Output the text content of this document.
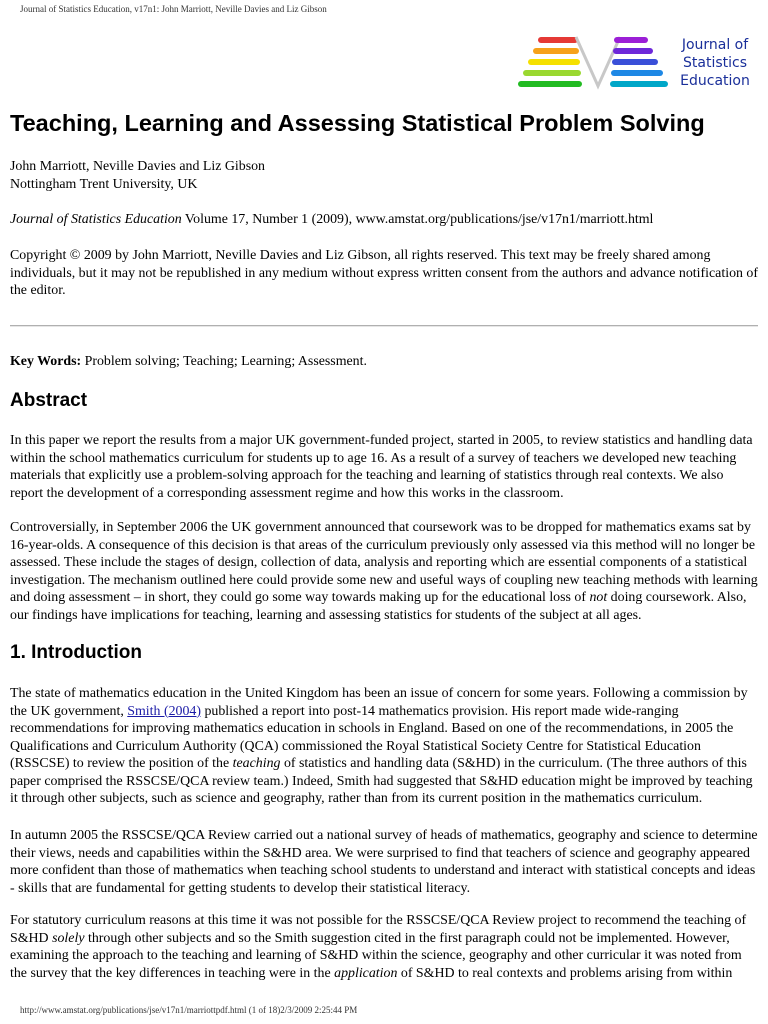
Journal of Statistics Education, v17n1: John Marriott, Neville Davies and Liz Gibson
Journal of
Statistics
Education
Teaching, Learning and Assessing Statistical Problem Solving
John Marriott, Neville Davies and Liz Gibson
Nottingham Trent University, UK
Journal of Statistics Education Volume 17, Number 1 (2009), www.amstat.org/publications/jse/v17n1/marriott.html
Copyright © 2009 by John Marriott, Neville Davies and Liz Gibson, all rights reserved. This text may be freely shared among individuals, but it may not be republished in any medium without express written consent from the authors and advance notification of the editor.
Key Words: Problem solving; Teaching; Learning; Assessment.
Abstract
In this paper we report the results from a major UK government-funded project, started in 2005, to review statistics and handling data within the school mathematics curriculum for students up to age 16. As a result of a survey of teachers we developed new teaching materials that explicitly use a problem-solving approach for the teaching and learning of statistics through real contexts. We also report the development of a corresponding assessment regime and how this works in the classroom.
Controversially, in September 2006 the UK government announced that coursework was to be dropped for mathematics exams sat by 16-year-olds. A consequence of this decision is that areas of the curriculum previously only assessed via this method will no longer be assessed. These include the stages of design, collection of data, analysis and reporting which are essential components of a statistical investigation. The mechanism outlined here could provide some new and useful ways of coupling new teaching methods with learning and doing assessment – in short, they could go some way towards making up for the educational loss of not doing coursework. Also, our findings have implications for teaching, learning and assessing statistics for students of the subject at all ages.
1. Introduction
The state of mathematics education in the United Kingdom has been an issue of concern for some years. Following a commission by the UK government, Smith (2004) published a report into post-14 mathematics provision. His report made wide-ranging recommendations for improving mathematics education in schools in England. Based on one of the recommendations, in 2005 the Qualifications and Curriculum Authority (QCA) commissioned the Royal Statistical Society Centre for Statistical Education (RSSCSE) to review the position of the teaching of statistics and handling data (S&HD) in the curriculum. (The three authors of this paper comprised the RSSCSE/QCA review team.) Indeed, Smith had suggested that S&HD education might be improved by teaching it through other subjects, such as science and geography, rather than from its current position in the mathematics curriculum.
In autumn 2005 the RSSCSE/QCA Review carried out a national survey of heads of mathematics, geography and science to determine their views, needs and capabilities within the S&HD area. We were surprised to find that teachers of science and geography appeared more confident than those of mathematics when teaching school students to understand and interact with statistical concepts and ideas - skills that are fundamental for getting students to develop their statistical literacy.
For statutory curriculum reasons at this time it was not possible for the RSSCSE/QCA Review project to recommend the teaching of S&HD solely through other subjects and so the Smith suggestion cited in the first paragraph could not be implemented. However, examining the approach to the teaching and learning of S&HD within the science, geography and other curricular it was noted from the survey that the key differences in teaching were in the application of S&HD to real contexts and problems arising from within
http://www.amstat.org/publications/jse/v17n1/marriottpdf.html (1 of 18)2/3/2009 2:25:44 PM
